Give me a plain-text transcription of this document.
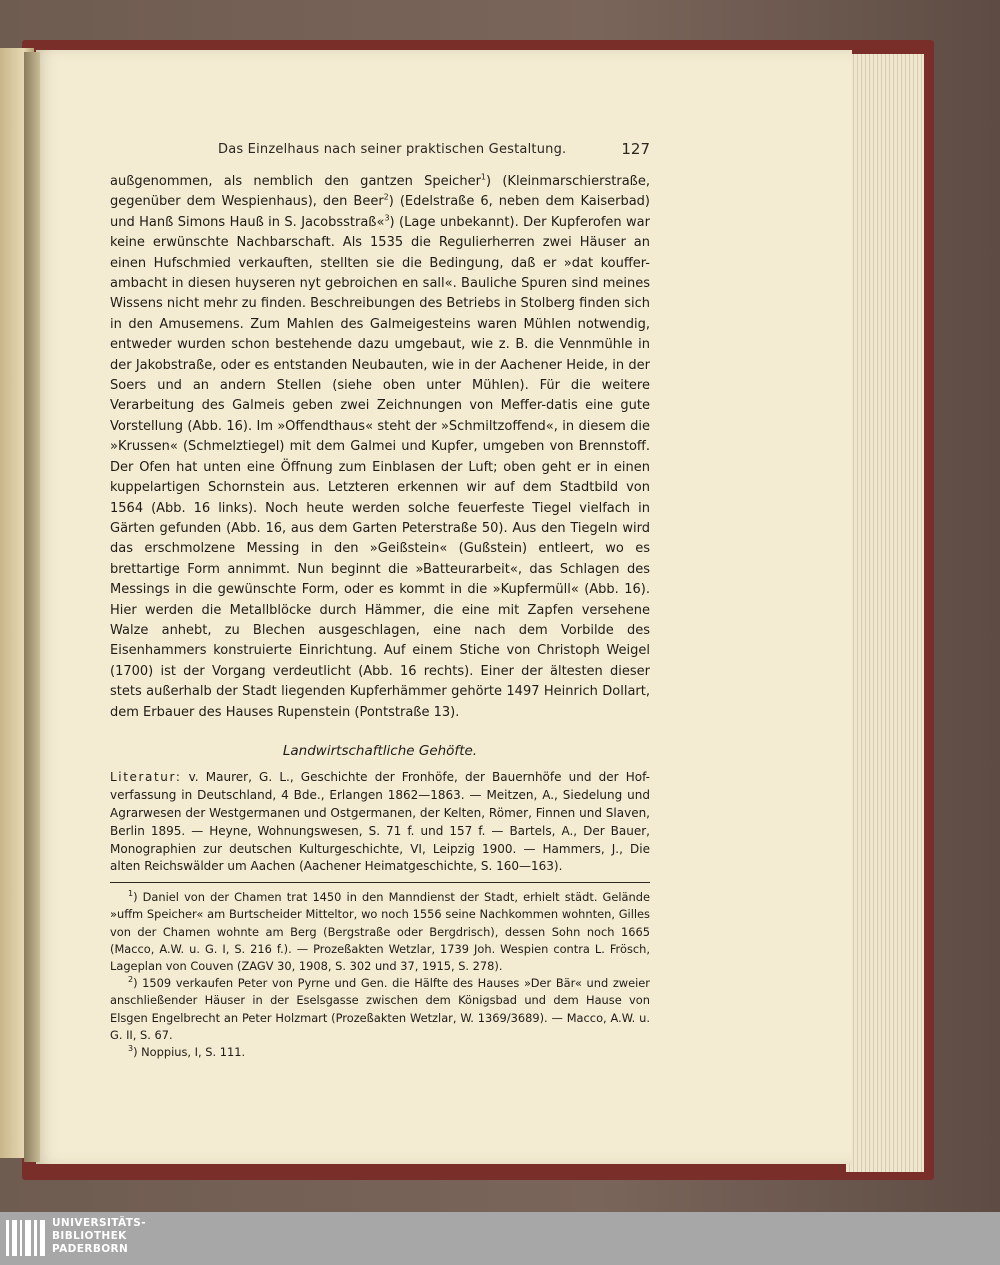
Das Einzelhaus nach seiner praktischen Gestaltung.	127

außgenommen, als nemblich den gantzen Speicher$^1$) (Kleinmarschierstraße, gegenüber dem Wespienhaus), den Beer$^2$) (Edelstraße 6, neben dem Kaiserbad) und Hanß Simons Hauß in S. Jacobsstraß«$^3$) (Lage unbekannt). Der Kupferofen war keine erwünschte Nachbarschaft. Als 1535 die Regulierherren zwei Häuser an einen Hufschmied verkauften, stellten sie die Bedingung, daß er »dat kouffer-ambacht in diesen huyseren nyt gebroichen en sall«. Bauliche Spuren sind meines Wissens nicht mehr zu finden. Beschreibungen des Betriebs in Stolberg finden sich in den Amusemens. Zum Mahlen des Galmeigesteins waren Mühlen notwendig, entweder wurden schon bestehende dazu umgebaut, wie z. B. die Vennmühle in der Jakobstraße, oder es entstanden Neubauten, wie in der Aachener Heide, in der Soers und an andern Stellen (siehe oben unter Mühlen). Für die weitere Verarbeitung des Galmeis geben zwei Zeichnungen von Meffer-datis eine gute Vorstellung (Abb. 16). Im »Offendthaus« steht der »Schmiltzoffend«, in diesem die »Krussen« (Schmelztiegel) mit dem Galmei und Kupfer, umgeben von Brennstoff. Der Ofen hat unten eine Öffnung zum Einblasen der Luft; oben geht er in einen kuppelartigen Schornstein aus. Letzteren erkennen wir auf dem Stadtbild von 1564 (Abb. 16 links). Noch heute werden solche feuerfeste Tiegel vielfach in Gärten gefunden (Abb. 16, aus dem Garten Peterstraße 50). Aus den Tiegeln wird das erschmolzene Messing in den »Geißstein« (Gußstein) entleert, wo es brettartige Form annimmt. Nun beginnt die »Batteurarbeit«, das Schlagen des Messings in die gewünschte Form, oder es kommt in die »Kupfermüll« (Abb. 16). Hier werden die Metallblöcke durch Hämmer, die eine mit Zapfen versehene Walze anhebt, zu Blechen ausgeschlagen, eine nach dem Vorbilde des Eisenhammers konstruierte Einrichtung. Auf einem Stiche von Christoph Weigel (1700) ist der Vorgang verdeutlicht (Abb. 16 rechts). Einer der ältesten dieser stets außerhalb der Stadt liegenden Kupferhämmer gehörte 1497 Heinrich Dollart, dem Erbauer des Hauses Rupenstein (Pontstraße 13).

Landwirtschaftliche Gehöfte.

Literatur: v. Maurer, G. L., Geschichte der Fronhöfe, der Bauernhöfe und der Hof-verfassung in Deutschland, 4 Bde., Erlangen 1862—1863. — Meitzen, A., Siedelung und Agrarwesen der Westgermanen und Ostgermanen, der Kelten, Römer, Finnen und Slaven, Berlin 1895. — Heyne, Wohnungswesen, S. 71 f. und 157 f. — Bartels, A., Der Bauer, Monographien zur deutschen Kulturgeschichte, VI, Leipzig 1900. — Hammers, J., Die alten Reichswälder um Aachen (Aachener Heimatgeschichte, S. 160—163).

$^1$) Daniel von der Chamen trat 1450 in den Manndienst der Stadt, erhielt städt. Gelände »uffm Speicher« am Burtscheider Mitteltor, wo noch 1556 seine Nachkommen wohnten, Gilles von der Chamen wohnte am Berg (Bergstraße oder Bergdrisch), dessen Sohn noch 1665 (Macco, A.W. u. G. I, S. 216 f.). — Prozeßakten Wetzlar, 1739 Joh. Wespien contra L. Frösch, Lageplan von Couven (ZAGV 30, 1908, S. 302 und 37, 1915, S. 278).

$^2$) 1509 verkaufen Peter von Pyrne und Gen. die Hälfte des Hauses »Der Bär« und zweier anschließender Häuser in der Eselsgasse zwischen dem Königsbad und dem Hause von Elsgen Engelbrecht an Peter Holzmart (Prozeßakten Wetzlar, W. 1369/3689). — Macco, A.W. u. G. II, S. 67.

$^3$) Noppius, I, S. 111.

UNIVERSITÄTS-
BIBLIOTHEK
PADERBORN
